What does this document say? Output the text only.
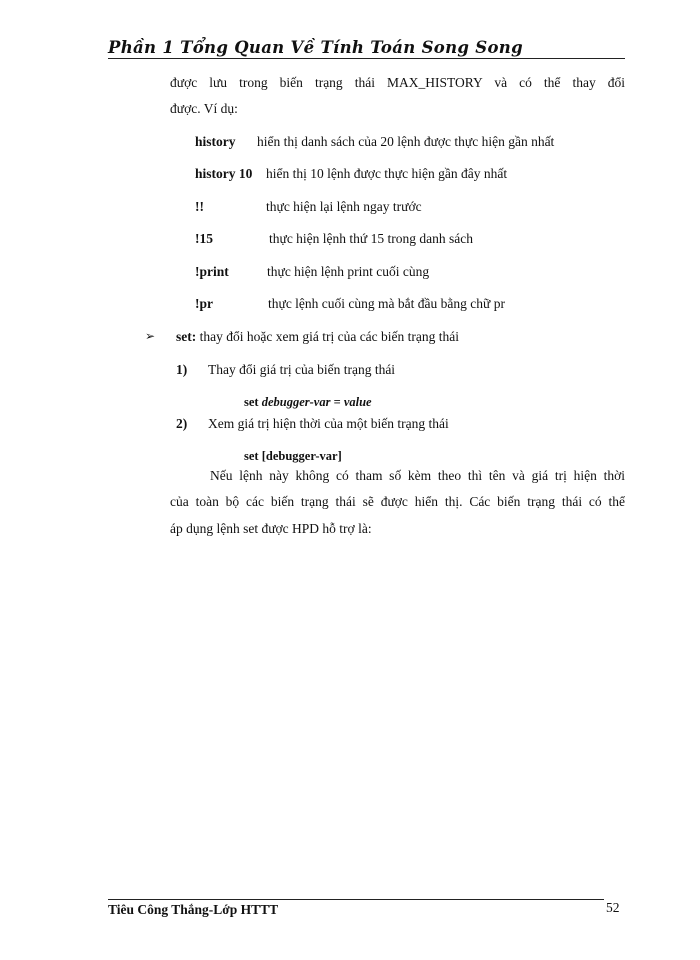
Phần 1 Tổng Quan Về Tính Toán Song Song
được lưu trong biến trạng thái MAX_HISTORY và có thể thay đổi
được. Ví dụ:
history hiển thị danh sách của 20 lệnh được thực hiện gần nhất
history 10 hiển thị 10 lệnh được thực hiện gần đây nhất
!!	thực hiện lại lệnh ngay trước
!15	thực hiện lệnh thứ 15 trong danh sách
!print	thực hiện lệnh print cuối cùng
!pr	thực lệnh cuối cùng mà bắt đầu bằng chữ pr
➢ set: thay đổi hoặc xem giá trị của các biến trạng thái
1) Thay đổi giá trị của biến trạng thái
set debugger-var = value
2) Xem giá trị hiện thời của một biến trạng thái
set [debugger-var]
Nếu lệnh này không có tham số kèm theo thì tên và giá trị hiện thời
của toàn bộ các biến trạng thái sẽ được hiển thị. Các biến trạng thái có thể
áp dụng lệnh set được HPD hỗ trợ là:
Tiêu Công Thắng-Lớp HTTT	52
